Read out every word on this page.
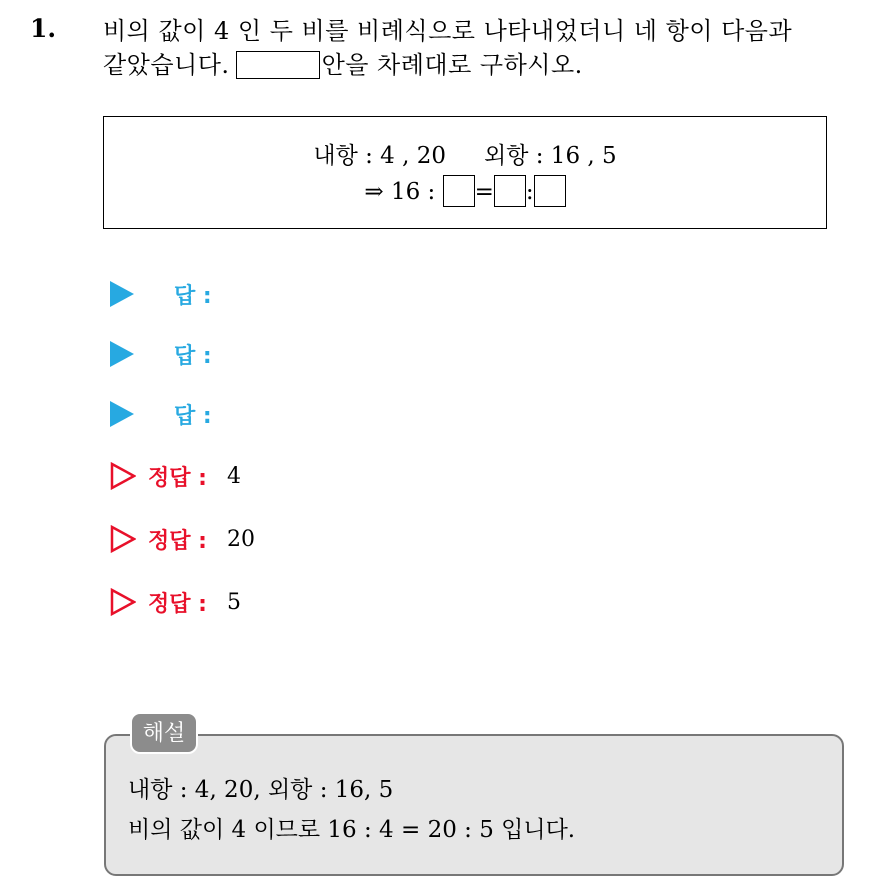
1. 비의 값이 4 인 두 비를 비례식으로 나타내었더니 네 항이 다음과
같았습니다.	안을 차례대로 구하시오.
내항 : 4 , 20 외항 : 16 , 5
⇒ 16 : = :
답 :
답 :
답 :
정답 : 4
정답 : 20
정답 : 5
해설
내항 : 4, 20, 외항 : 16, 5
비의 값이 4 이므로 16 : 4 = 20 : 5 입니다.
